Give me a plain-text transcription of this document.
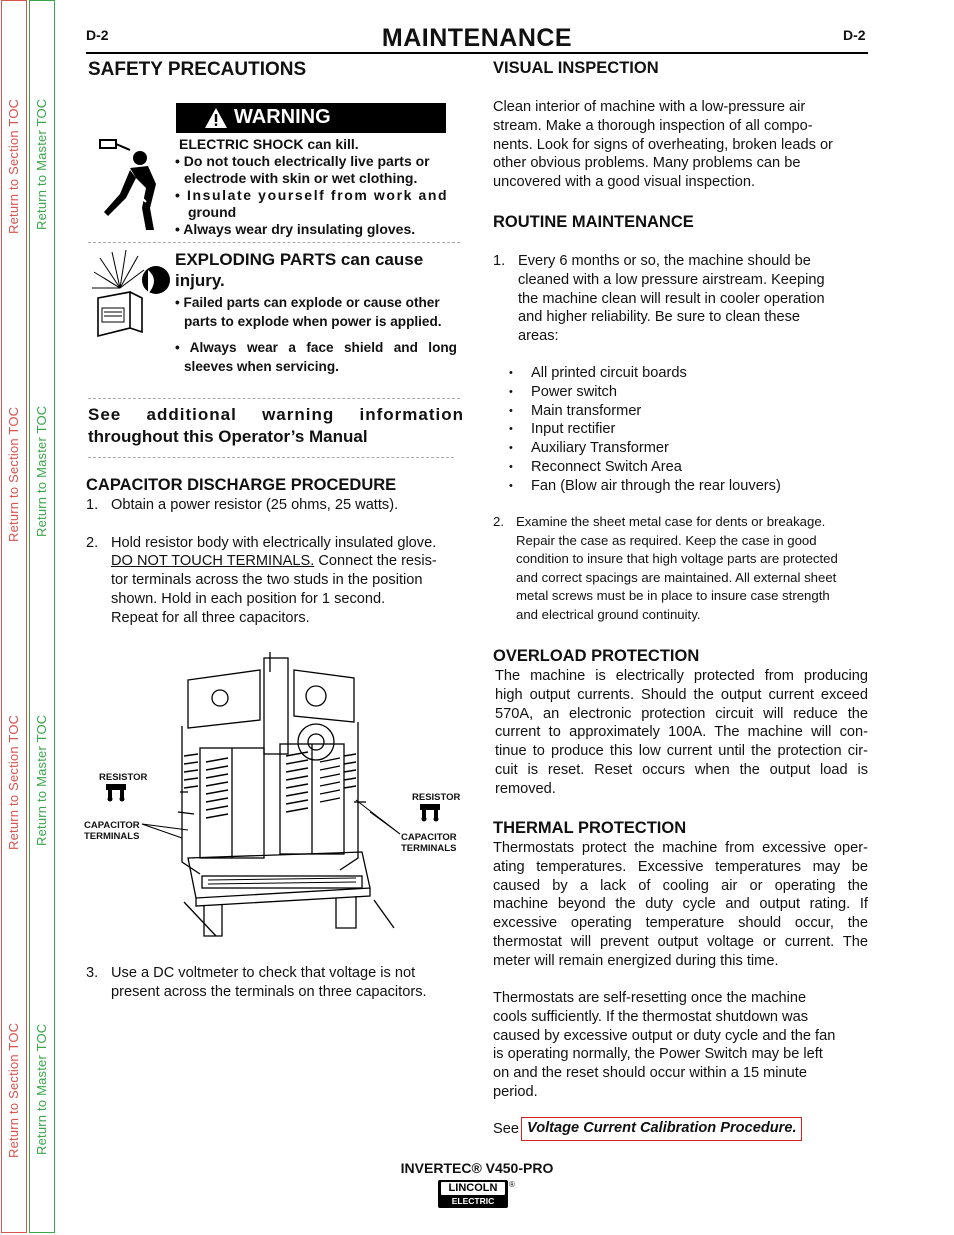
Return to Section TOC
Return to Section TOC
Return to Section TOC
Return to Section TOC
Return to Master TOC
Return to Master TOC
Return to Master TOC
Return to Master TOC
D-2	D-2
MAINTENANCE
SAFETY PRECAUTIONS
WARNING
ELECTRIC SHOCK can kill.
• Do not touch electrically live parts or
electrode with skin or wet clothing.
• Insulate yourself from work and
ground
• Always wear dry insulating gloves.
EXPLODING PARTS can cause
injury.
• Failed parts can explode or cause other
parts to explode when power is applied.
• Always wear a face shield and long
sleeves when servicing.
See additional warning information
throughout this Operator’s Manual
CAPACITOR DISCHARGE PROCEDURE
1. Obtain a power resistor (25 ohms, 25 watts).
2. Hold resistor body with electrically insulated glove.
DO NOT TOUCH TERMINALS. Connect the resis-
tor terminals across the two studs in the position
shown. Hold in each position for 1 second.
Repeat for all three capacitors.
RESISTOR
RESISTOR
CAPACITOR
TERMINALS	CAPACITOR
TERMINALS
3. Use a DC voltmeter to check that voltage is not
present across the terminals on three capacitors.
VISUAL INSPECTION
Clean interior of machine with a low-pressure air
stream. Make a thorough inspection of all compo-
nents. Look for signs of overheating, broken leads or
other obvious problems. Many problems can be
uncovered with a good visual inspection.
ROUTINE MAINTENANCE
1. Every 6 months or so, the machine should be
cleaned with a low pressure airstream. Keeping
the machine clean will result in cooler operation
and higher reliability. Be sure to clean these
areas:
• All printed circuit boards
• Power switch
• Main transformer
• Input rectifier
• Auxiliary Transformer
• Reconnect Switch Area
• Fan (Blow air through the rear louvers)
2. Examine the sheet metal case for dents or breakage.
Repair the case as required. Keep the case in good
condition to insure that high voltage parts are protected
and correct spacings are maintained. All external sheet
metal screws must be in place to insure case strength
and electrical ground continuity.
OVERLOAD PROTECTION
The machine is electrically protected from producing
high output currents. Should the output current exceed
570A, an electronic protection circuit will reduce the
current to approximately 100A. The machine will con-
tinue to produce this low current until the protection cir-
cuit is reset. Reset occurs when the output load is
removed.
THERMAL PROTECTION
Thermostats protect the machine from excessive oper-
ating temperatures. Excessive temperatures may be
caused by a lack of cooling air or operating the
machine beyond the duty cycle and output rating. If
excessive operating temperature should occur, the
thermostat will prevent output voltage or current. The
meter will remain energized during this time.
Thermostats are self-resetting once the machine
cools sufficiently. If the thermostat shutdown was
caused by excessive output or duty cycle and the fan
is operating normally, the Power Switch may be left
on and the reset should occur within a 15 minute
period.
See Voltage Current Calibration Procedure.
INVERTEC® V450-PRO
LINCOLN
ELECTRIC
®
